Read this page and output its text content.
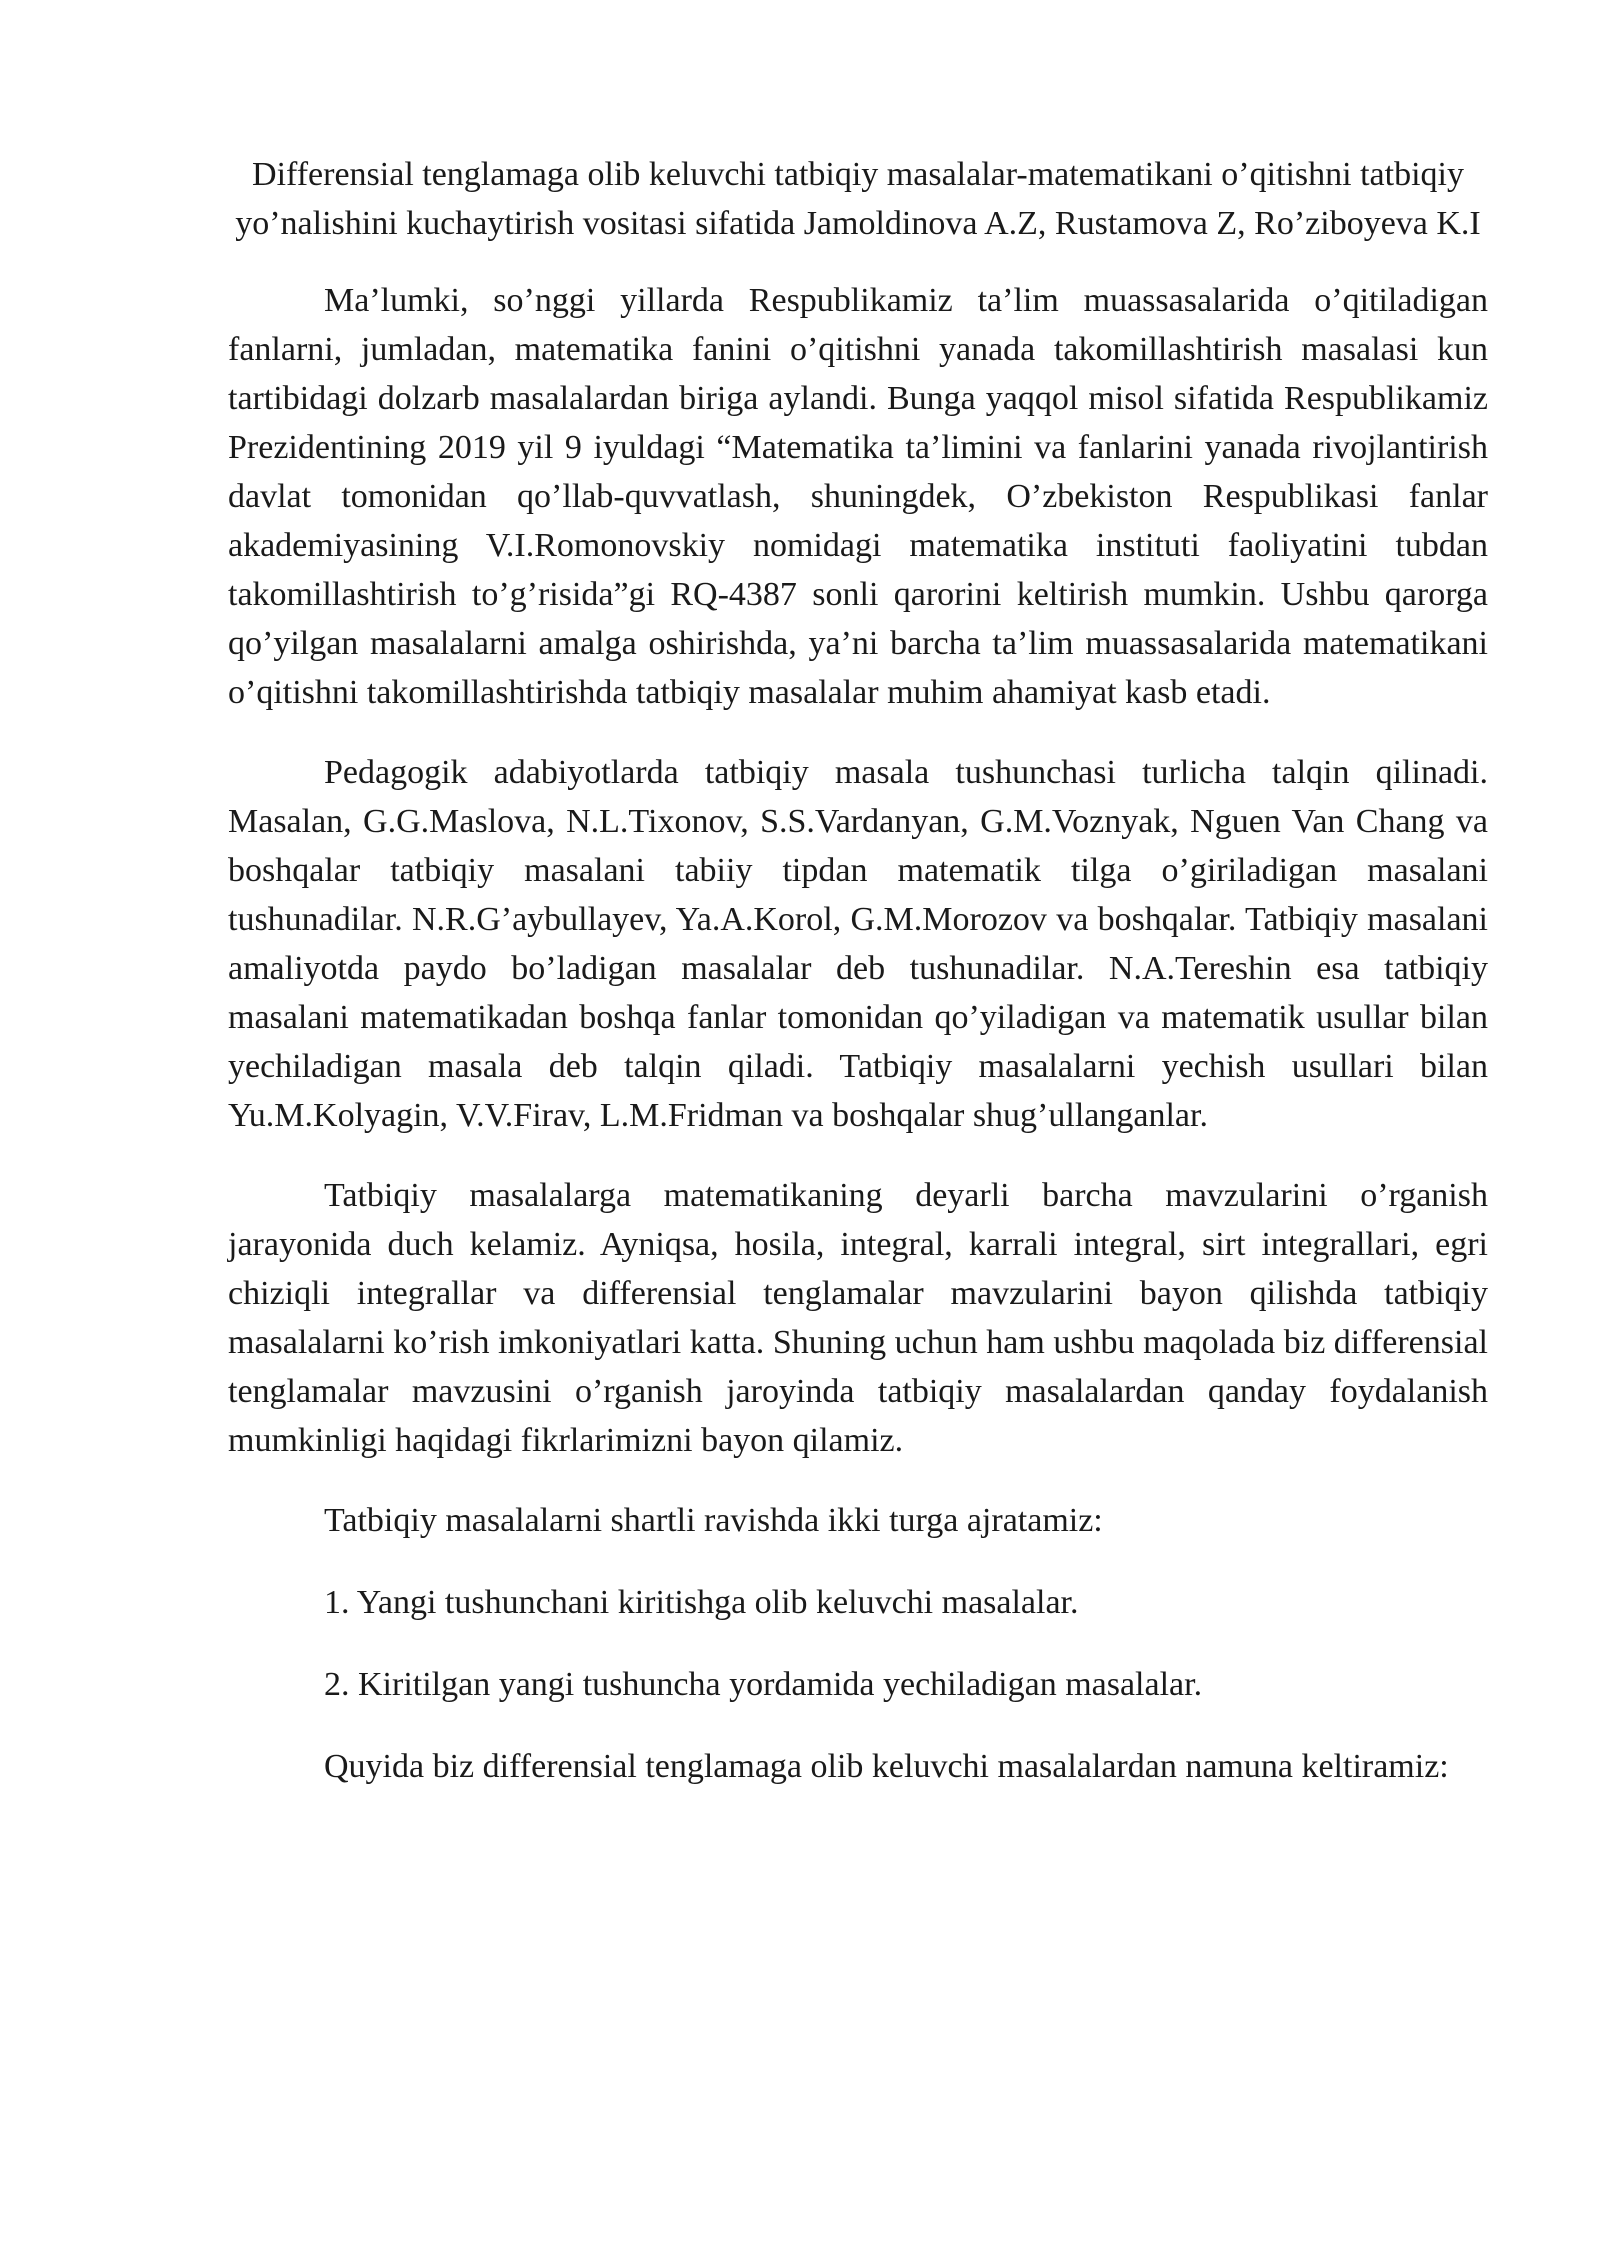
Differensial tenglamaga olib keluvchi tatbiqiy masalalar-matematikani o’qitishni tatbiqiy yo’nalishini kuchaytirish vositasi sifatida Jamoldinova A.Z, Rustamova Z, Ro’ziboyeva K.I

Ma’lumki, so’nggi yillarda Respublikamiz ta’lim muassasalarida o’qitiladigan fanlarni, jumladan, matematika fanini o’qitishni yanada takomillashtirish masalasi kun tartibidagi dolzarb masalalardan biriga aylandi. Bunga yaqqol misol sifatida Respublikamiz Prezidentining 2019 yil 9 iyuldagi “Matematika ta’limini va fanlarini yanada rivojlantirish davlat tomonidan qo’llab-quvvatlash, shuningdek, O’zbekiston Respublikasi fanlar akademiyasining V.I.Romonovskiy nomidagi matematika instituti faoliyatini tubdan takomillashtirish to’g’risida”gi RQ-4387 sonli qarorini keltirish mumkin. Ushbu qarorga qo’yilgan masalalarni amalga oshirishda, ya’ni barcha ta’lim muassasalarida matematikani o’qitishni takomillashtirishda tatbiqiy masalalar muhim ahamiyat kasb etadi.

Pedagogik adabiyotlarda tatbiqiy masala tushunchasi turlicha talqin qilinadi. Masalan, G.G.Maslova, N.L.Tixonov, S.S.Vardanyan, G.M.Voznyak, Nguen Van Chang va boshqalar tatbiqiy masalani tabiiy tipdan matematik tilga o’giriladigan masalani tushunadilar. N.R.G’aybullayev, Ya.A.Korol, G.M.Morozov va boshqalar. Tatbiqiy masalani amaliyotda paydo bo’ladigan masalalar deb tushunadilar. N.A.Tereshin esa tatbiqiy masalani matematikadan boshqa fanlar tomonidan qo’yiladigan va matematik usullar bilan yechiladigan masala deb talqin qiladi. Tatbiqiy masalalarni yechish usullari bilan Yu.M.Kolyagin, V.V.Firav, L.M.Fridman va boshqalar shug’ullanganlar.

Tatbiqiy masalalarga matematikaning deyarli barcha mavzularini o’rganish jarayonida duch kelamiz. Ayniqsa, hosila, integral, karrali integral, sirt integrallari, egri chiziqli integrallar va differensial tenglamalar mavzularini bayon qilishda tatbiqiy masalalarni ko’rish imkoniyatlari katta. Shuning uchun ham ushbu maqolada biz differensial tenglamalar mavzusini o’rganish jaroyinda tatbiqiy masalalardan qanday foydalanish mumkinligi haqidagi fikrlarimizni bayon qilamiz.

Tatbiqiy masalalarni shartli ravishda ikki turga ajratamiz:

1. Yangi tushunchani kiritishga olib keluvchi masalalar.

2. Kiritilgan yangi tushuncha yordamida yechiladigan masalalar.

Quyida biz differensial tenglamaga olib keluvchi masalalardan namuna keltiramiz:
